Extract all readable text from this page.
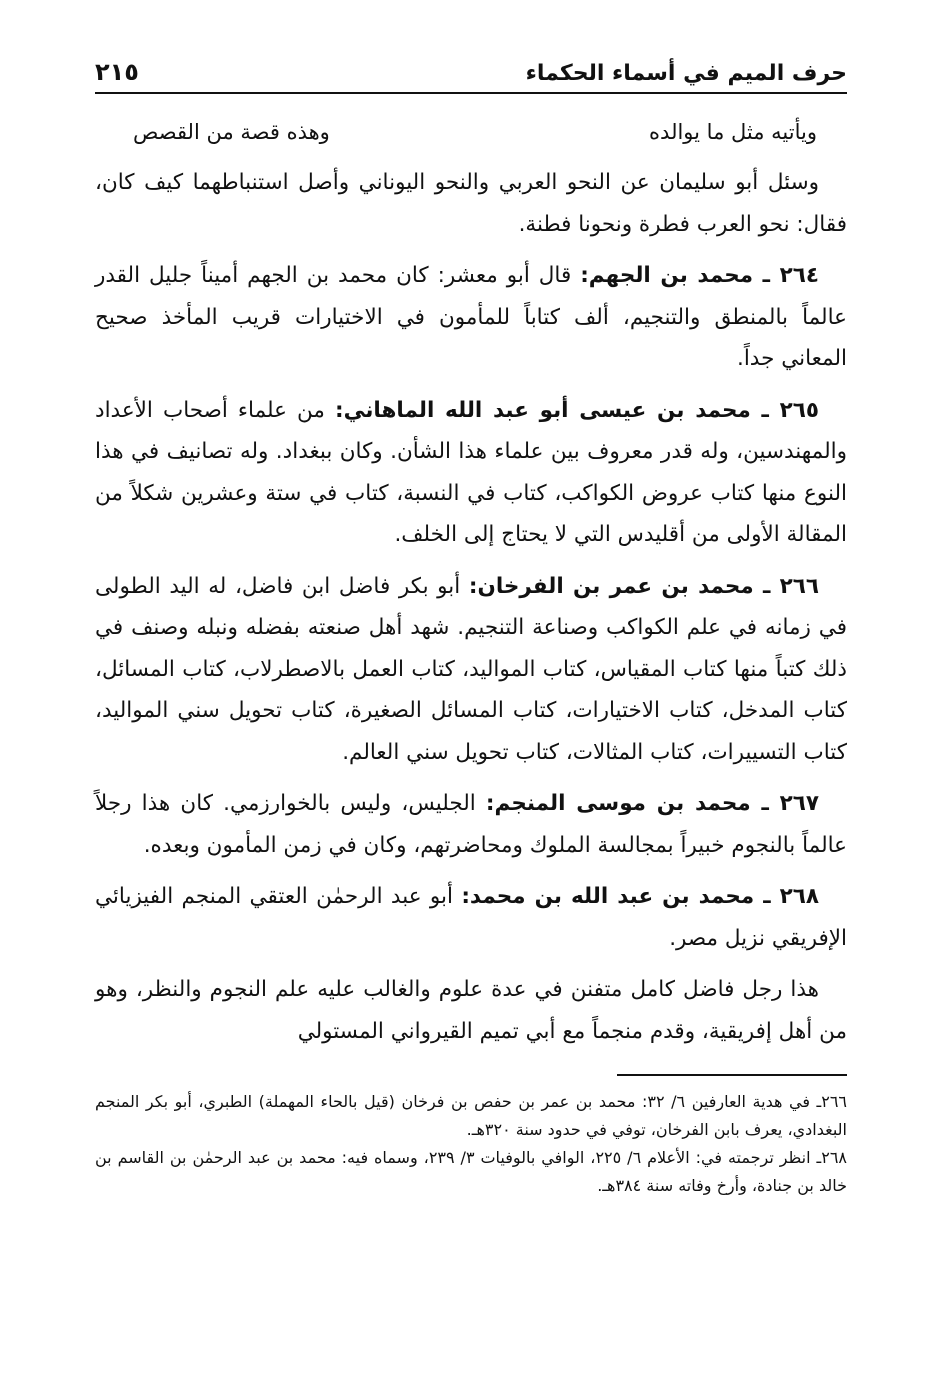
حرف الميم في أسماء الحكماء
٢١٥
ويأتيه مثل ما يوالده
وهذه قصة من القصص

وسئل أبو سليمان عن النحو العربي والنحو اليوناني وأصل استنباطهما كيف كان، فقال: نحو العرب فطرة ونحونا فطنة.

٢٦٤ ـ محمد بن الجهم: قال أبو معشر: كان محمد بن الجهم أميناً جليل القدر عالماً بالمنطق والتنجيم، ألف كتاباً للمأمون في الاختيارات قريب المأخذ صحيح المعاني جداً.

٢٦٥ ـ محمد بن عيسى أبو عبد الله الماهاني: من علماء أصحاب الأعداد والمهندسين، وله قدر معروف بين علماء هذا الشأن. وكان ببغداد. وله تصانيف في هذا النوع منها كتاب عروض الكواكب، كتاب في النسبة، كتاب في ستة وعشرين شكلاً من المقالة الأولى من أقليدس التي لا يحتاج إلى الخلف.

٢٦٦ ـ محمد بن عمر بن الفرخان: أبو بكر فاضل ابن فاضل، له اليد الطولى في زمانه في علم الكواكب وصناعة التنجيم. شهد أهل صنعته بفضله ونبله وصنف في ذلك كتباً منها كتاب المقياس، كتاب المواليد، كتاب العمل بالاصطرلاب، كتاب المسائل، كتاب المدخل، كتاب الاختيارات، كتاب المسائل الصغيرة، كتاب تحويل سني المواليد، كتاب التسييرات، كتاب المثالات، كتاب تحويل سني العالم.

٢٦٧ ـ محمد بن موسى المنجم: الجليس، وليس بالخوارزمي. كان هذا رجلاً عالماً بالنجوم خبيراً بمجالسة الملوك ومحاضرتهم، وكان في زمن المأمون وبعده.

٢٦٨ ـ محمد بن عبد الله بن محمد: أبو عبد الرحمٰن العتقي المنجم الفيزيائي الإفريقي نزيل مصر.

هذا رجل فاضل كامل متفنن في عدة علوم والغالب عليه علم النجوم والنظر، وهو من أهل إفريقية، وقدم منجماً مع أبي تميم القيرواني المستولي

٢٦٦ـ في هدية العارفين ٦/ ٣٢: محمد بن عمر بن حفص بن فرخان (قيل بالحاء المهملة) الطبري، أبو بكر المنجم البغدادي، يعرف بابن الفرخان، توفي في حدود سنة ٣٢٠هـ.

٢٦٨ـ انظر ترجمته في: الأعلام ٦/ ٢٢٥، الوافي بالوفيات ٣/ ٢٣٩، وسماه فيه: محمد بن عبد الرحمٰن بن القاسم بن خالد بن جنادة، وأرخ وفاته سنة ٣٨٤هـ.
